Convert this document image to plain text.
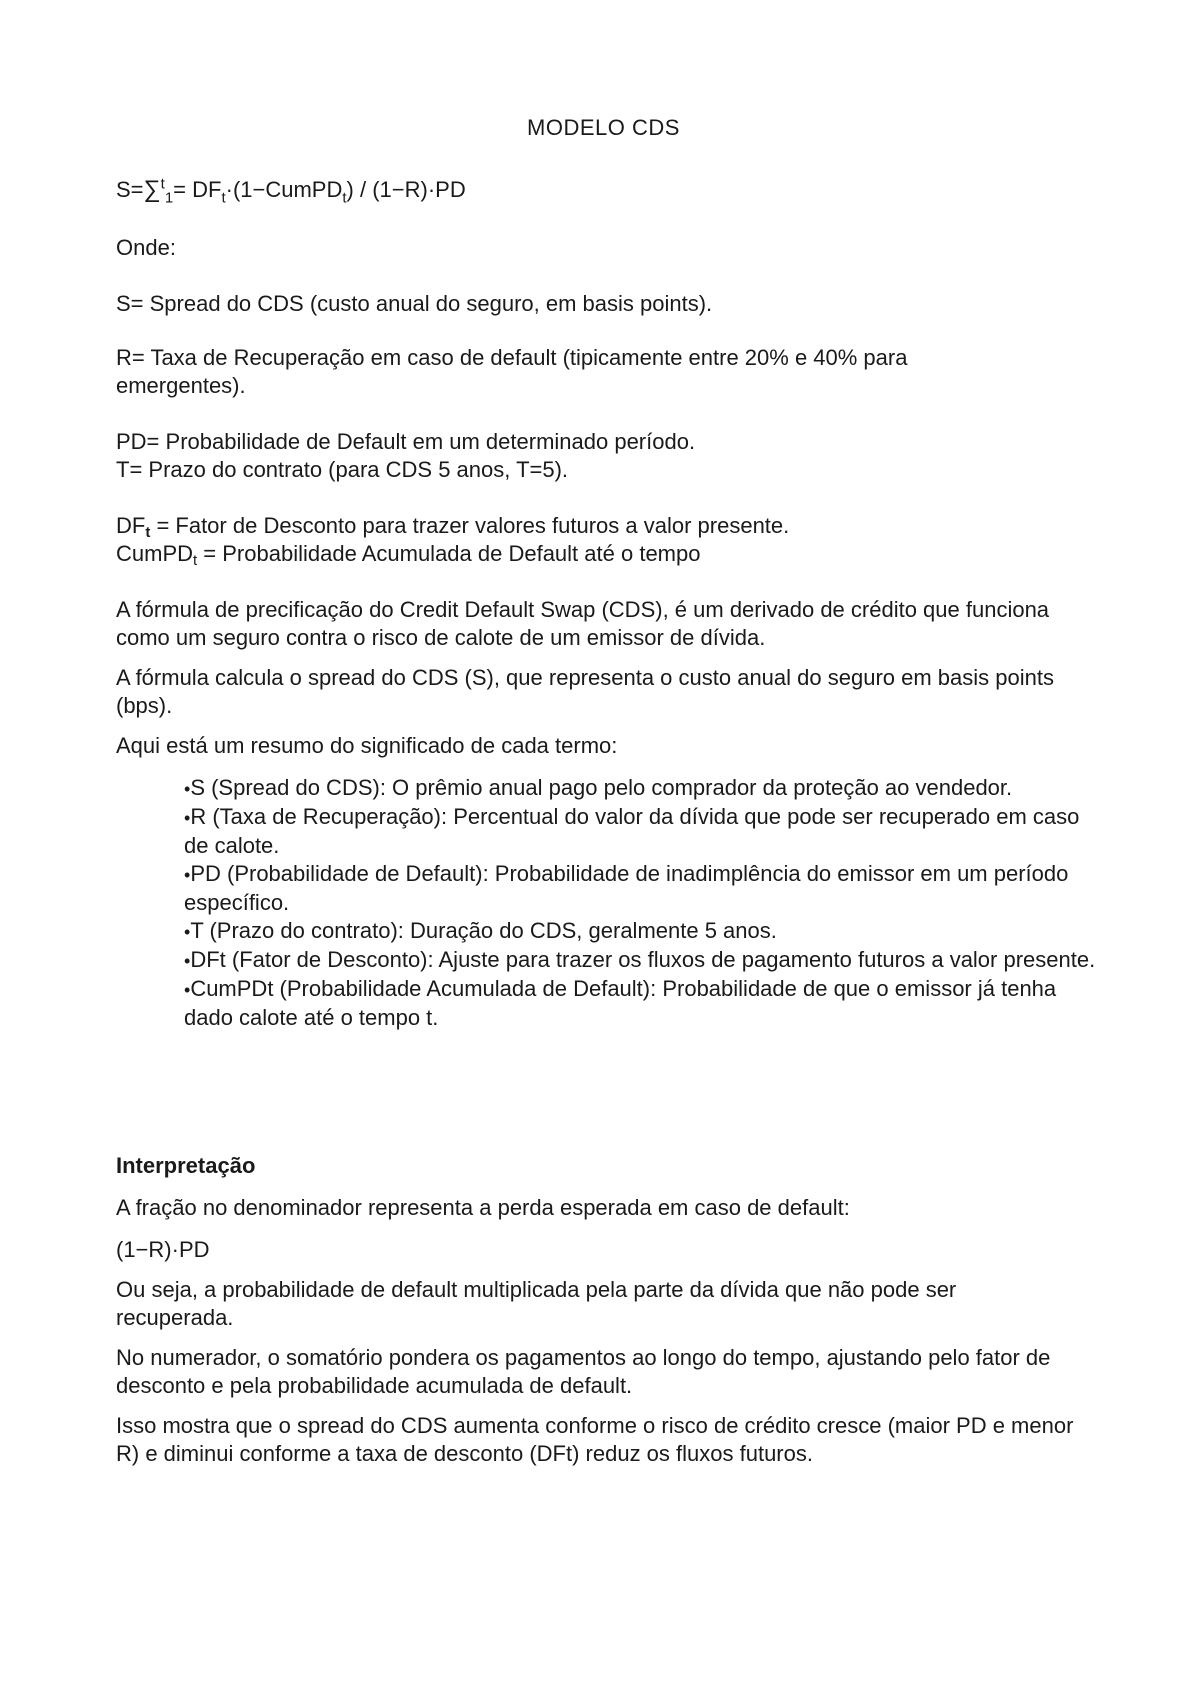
MODELO CDS

$S=\sum^t_1= DF_t\cdot(1-CumPD_t) / (1-R)\cdot PD$

Onde:

S= Spread do CDS (custo anual do seguro, em basis points).

R= Taxa de Recuperação em caso de default (tipicamente entre 20% e 40% para emergentes).

PD= Probabilidade de Default em um determinado período.

T= Prazo do contrato (para CDS 5 anos, T=5).

$DF_t$ = Fator de Desconto para trazer valores futuros a valor presente.

CumPD$_t$ = Probabilidade Acumulada de Default até o tempo

A fórmula de precificação do Credit Default Swap (CDS), é um derivado de crédito que funciona como um seguro contra o risco de calote de um emissor de dívida.

A fórmula calcula o spread do CDS (S), que representa o custo anual do seguro em basis points (bps).

Aqui está um resumo do significado de cada termo:

•S (Spread do CDS): O prêmio anual pago pelo comprador da proteção ao vendedor.
•R (Taxa de Recuperação): Percentual do valor da dívida que pode ser recuperado em caso de calote.
•PD (Probabilidade de Default): Probabilidade de inadimplência do emissor em um período específico.
•T (Prazo do contrato): Duração do CDS, geralmente 5 anos.
•DFt (Fator de Desconto): Ajuste para trazer os fluxos de pagamento futuros a valor presente.
•CumPDt (Probabilidade Acumulada de Default): Probabilidade de que o emissor já tenha dado calote até o tempo t.

Interpretação

A fração no denominador representa a perda esperada em caso de default:

(1−R)·PD

Ou seja, a probabilidade de default multiplicada pela parte da dívida que não pode ser recuperada.

No numerador, o somatório pondera os pagamentos ao longo do tempo, ajustando pelo fator de desconto e pela probabilidade acumulada de default.

Isso mostra que o spread do CDS aumenta conforme o risco de crédito cresce (maior PD e menor R) e diminui conforme a taxa de desconto (DFt) reduz os fluxos futuros.
